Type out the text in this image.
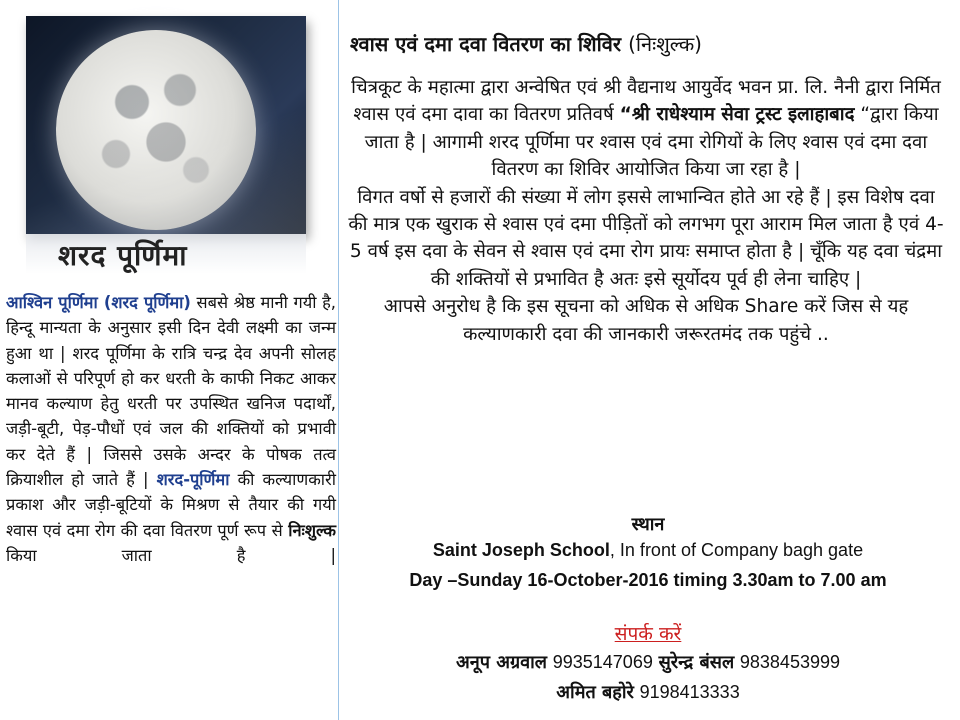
शरद पूर्णिमा
आश्विन पूर्णिमा (शरद पूर्णिमा) सबसे श्रेष्ठ मानी गयी है, हिन्दू मान्यता के अनुसार इसी दिन देवी लक्ष्मी का जन्म हुआ था | शरद पूर्णिमा के रात्रि चन्द्र देव अपनी सोलह कलाओं से परिपूर्ण हो कर धरती के काफी निकट आकर मानव कल्याण हेतु धरती पर उपस्थित खनिज पदार्थों, जड़ी-बूटी, पेड़-पौधों एवं जल की शक्तियों को प्रभावी कर देते हैं | जिससे उसके अन्दर के पोषक तत्व क्रियाशील हो जाते हैं | शरद-पूर्णिमा की कल्याणकारी प्रकाश और जड़ी-बूटियों के मिश्रण से तैयार की गयी श्वास एवं दमा रोग की दवा वितरण पूर्ण रूप से निःशुल्क किया जाता है |
श्वास एवं दमा दवा वितरण का शिविर (निःशुल्क)

चित्रकूट के महात्मा द्वारा अन्वेषित एवं श्री वैद्यनाथ आयुर्वेद भवन प्रा. लि. नैनी द्वारा निर्मित श्वास एवं दमा दावा का वितरण प्रतिवर्ष “श्री राधेश्याम सेवा ट्रस्ट इलाहाबाद “द्वारा किया जाता है | आगामी शरद पूर्णिमा पर श्वास एवं दमा रोगियों के लिए श्वास एवं दमा दवा वितरण का शिविर आयोजित किया जा रहा है |

विगत वर्षो से हजारों की संख्या में लोग इससे लाभान्वित होते आ रहे हैं | इस विशेष दवा की मात्र एक खुराक से श्वास एवं दमा पीड़ितों को लगभग पूरा आराम मिल जाता है एवं 4-5 वर्ष इस दवा के सेवन से श्वास एवं दमा रोग प्रायः समाप्त होता है | चूँकि यह दवा चंद्रमा की शक्तियों से प्रभावित है अतः इसे सूर्योदय पूर्व ही लेना चाहिए |

आपसे अनुरोध है कि इस सूचना को अधिक से अधिक Share करें जिस से यह कल्याणकारी दवा की जानकारी जरूरतमंद तक पहुंचे ..

स्थान
Saint Joseph School, In front of Company bagh gate
Day –Sunday 16-October-2016 timing 3.30am to 7.00 am
संपर्क करें
अनूप अग्रवाल 9935147069 सुरेन्द्र बंसल 9838453999
अमित बहोरे 9198413333
